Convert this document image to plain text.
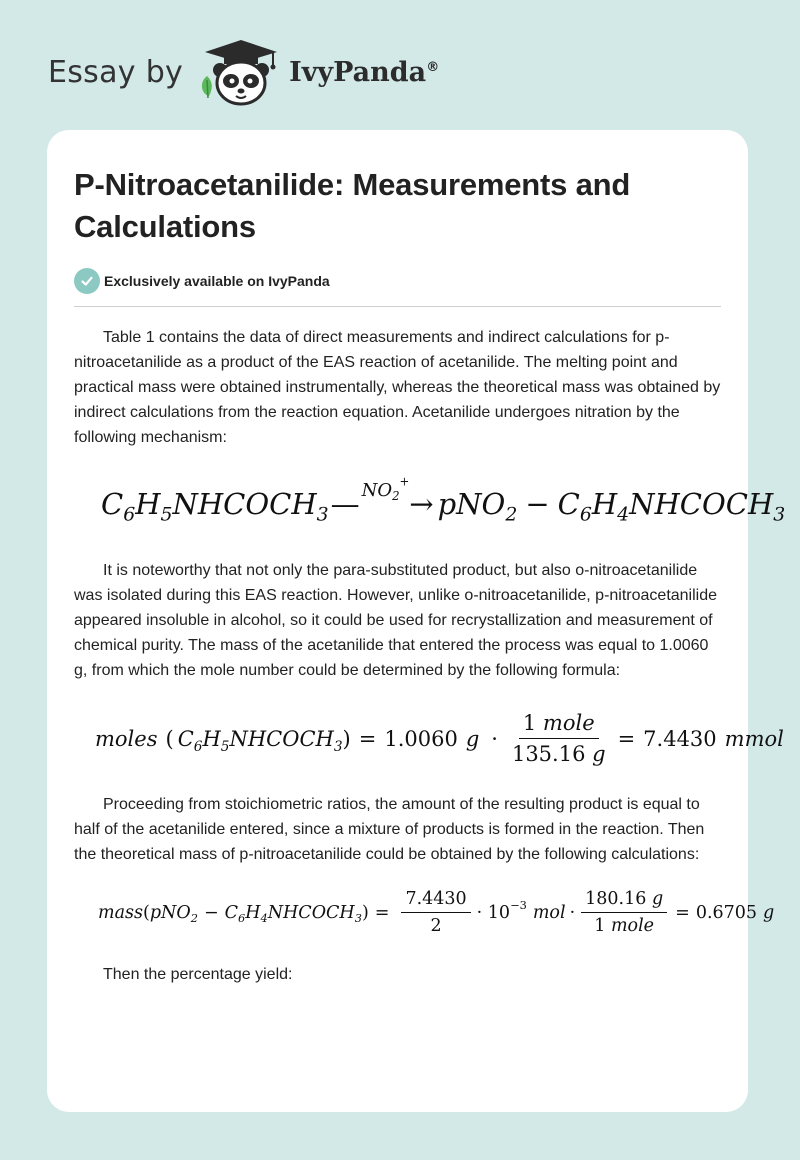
Essay by	IvyPanda®
P-Nitroacetanilide: Measurements and Calculations
Exclusively available on IvyPanda

Table 1 contains the data of direct measurements and indirect calculations for p-nitroacetanilide as a product of the EAS reaction of acetanilide. The melting point and practical mass were obtained instrumentally, whereas the theoretical mass was obtained by indirect calculations from the reaction equation. Acetanilide undergoes nitration by the following mechanism:

$C_6H_5NHCOCH_3$ — $NO_2^+$
→ $pNO_2 - C_6H_4NHCOCH_3$

It is noteworthy that not only the para-substituted product, but also o-nitroacetanilide was isolated during this EAS reaction. However, unlike o-nitroacetanilide, p-nitroacetanilide appeared insoluble in alcohol, so it could be used for recrystallization and measurement of chemical purity. The mass of the acetanilide that entered the process was equal to 1.0060 g, from which the mole number could be determined by the following formula:

moles ( $C_6H_5NHCOCH_3$ ) = 1.0060 $g \cdot \frac{\text{1 mole}}{135.16 g} = 7.4430$ mmol

Proceeding from stoichiometric ratios, the amount of the resulting product is equal to half of the acetanilide entered, since a mixture of products is formed in the reaction. Then the theoretical mass of p-nitroacetanilide could be obtained by the following calculations:

mass ( $pNO_2 - C_6H_4NHCOCH_3$ ) = $\frac{7.4430}{2} \cdot 10^{-3}$ mol · $\frac{180.16 g}{\text{1 mole}} = 0.6705$ g

Then the percentage yield:
